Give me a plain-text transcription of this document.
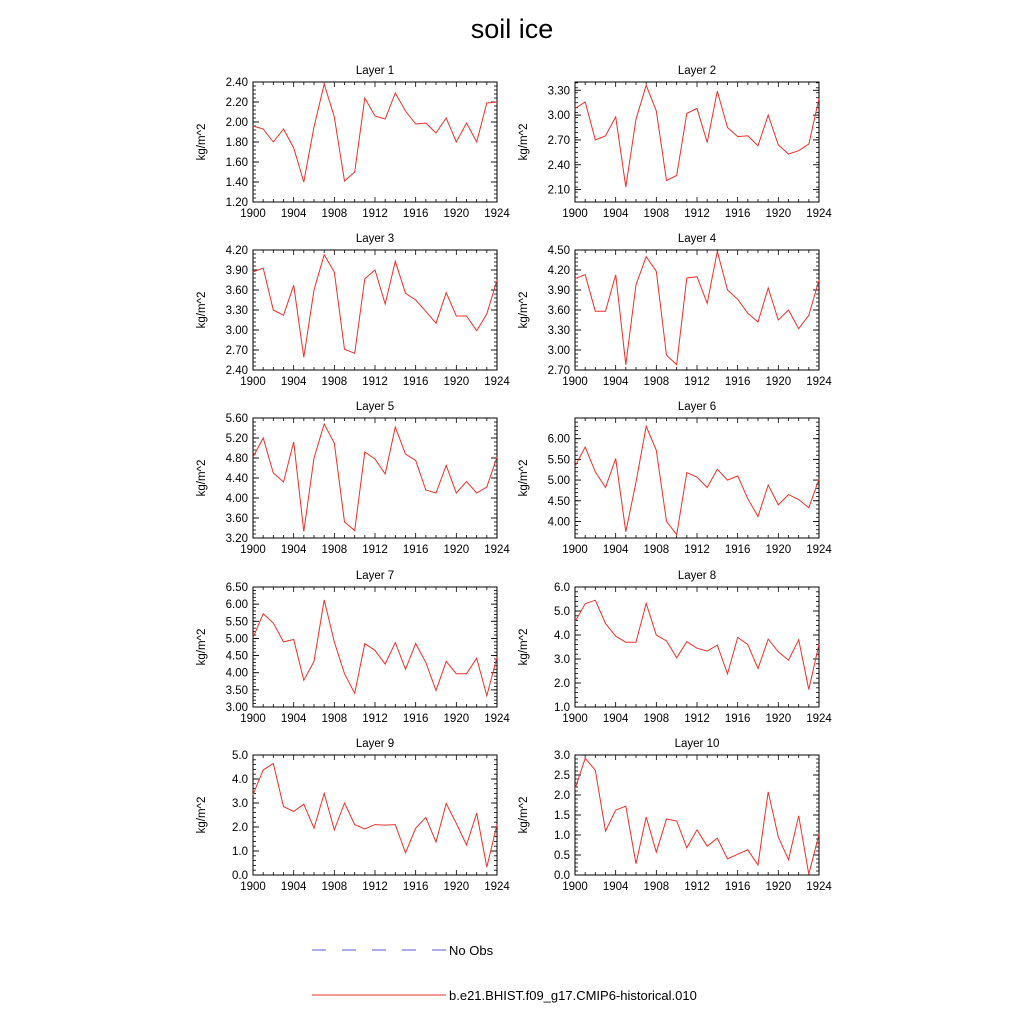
soil ice
1900 1904 1908 1912 1916 1920 1924
1.20
1.40
1.60
1.80
2.00
2.20
2.40
Layer 1
kg/m^2
1900 1904 1908 1912 1916 1920 1924
2.10
2.40
2.70
3.00
3.30
Layer 2
kg/m^2
1900 1904 1908 1912 1916 1920 1924
2.40
2.70
3.00
3.30
3.60
3.90
4.20
Layer 3
kg/m^2
1900 1904 1908 1912 1916 1920 1924
2.70
3.00
3.30
3.60
3.90
4.20
4.50
Layer 4
kg/m^2
1900 1904 1908 1912 1916 1920 1924
3.20
3.60
4.00
4.40
4.80
5.20
5.60
Layer 5
kg/m^2
1900 1904 1908 1912 1916 1920 1924
4.00
4.50
5.00
5.50
6.00
Layer 6
kg/m^2
1900 1904 1908 1912 1916 1920 1924
3.00
3.50
4.00
4.50
5.00
5.50
6.00
6.50
Layer 7
kg/m^2
1900 1904 1908 1912 1916 1920 1924
1.0
2.0
3.0
4.0
5.0
6.0
Layer 8
kg/m^2
1900 1904 1908 1912 1916 1920 1924
0.0
1.0
2.0
3.0
4.0
5.0
Layer 9
kg/m^2
1900 1904 1908 1912 1916 1920 1924
0.0
0.5
1.0
1.5
2.0
2.5
3.0
Layer 10
kg/m^2
No Obs
b.e21.BHIST.f09_g17.CMIP6-historical.010
